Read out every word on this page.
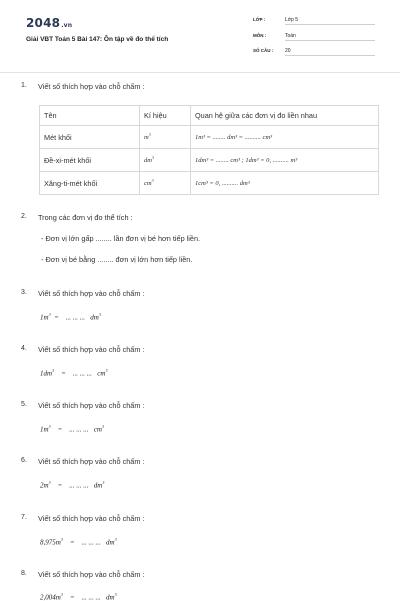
2048.vn
Giải VBT Toán 5 Bài 147: Ôn tập về đo thể tích
LỚP :	Lớp 5
MÔN :	Toán
SỐ CÂU : 20
1. Viết số thích hợp vào chỗ chấm :
Tên	Kí hiệu	Quan hệ giữa các đơn vị đo liền nhau
Mét khối	$m^3$	1m³ = ........ dm³ = .......... cm³
Đề-xi-mét khối	$dm^3$	1dm³ = ........ cm³ ; 1dm³ = 0, .......... m³
Xăng-ti-mét khối	$cm^3$	1cm³ = 0, .......... dm³
2. Trong các đơn vị đo thể tích :
- Đơn vị lớn gấp ........ lần đơn vị bé hơn tiếp liền.
- Đơn vị bé bằng ........ đơn vị lớn hơn tiếp liền.
3. Viết số thích hợp vào chỗ chấm :
$1m^3$ = ... ... ... $dm^3$
4. Viết số thích hợp vào chỗ chấm :
$1dm^3$ = ... ... ... $cm^3$
5. Viết số thích hợp vào chỗ chấm :
$1m^3$ = ... ... ... $cm^3$
6. Viết số thích hợp vào chỗ chấm :
$2m^3$ = ... ... ... $dm^3$
7. Viết số thích hợp vào chỗ chấm :
$8,975m^3$ = ... ... ... $dm^3$
8. Viết số thích hợp vào chỗ chấm :
$2,004m^3$ = ... ... ... $dm^3$
